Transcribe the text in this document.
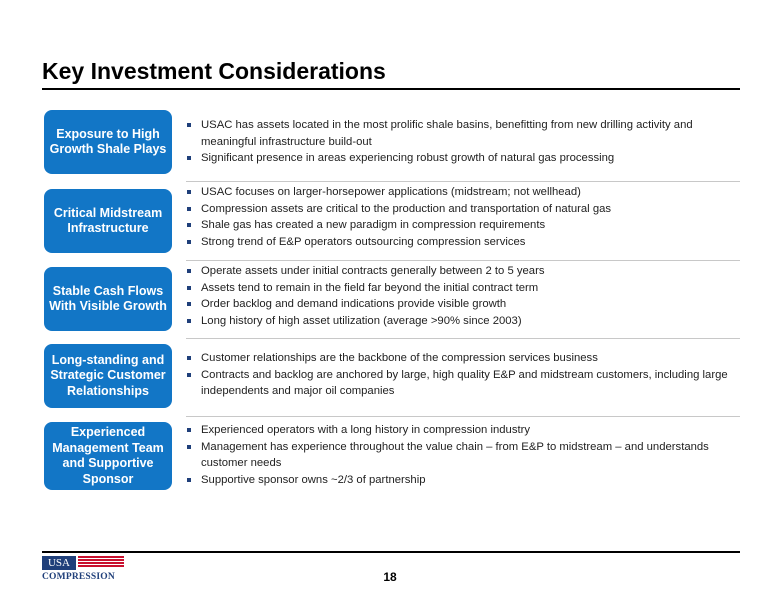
Key Investment Considerations
Exposure to High Growth Shale Plays
USAC has assets located in the most prolific shale basins, benefitting from new drilling activity and meaningful infrastructure build-out
Significant presence in areas experiencing robust growth of natural gas processing
Critical Midstream Infrastructure
USAC focuses on larger-horsepower applications (midstream; not wellhead)
Compression assets are critical to the production and transportation of natural gas
Shale gas has created a new paradigm in compression requirements
Strong trend of E&P operators outsourcing compression services
Stable Cash Flows With Visible Growth
Operate assets under initial contracts generally between 2 to 5 years
Assets tend to remain in the field far beyond the initial contract term
Order backlog and demand indications provide visible growth
Long history of high asset utilization (average >90% since 2003)
Long-standing and Strategic Customer Relationships
Customer relationships are the backbone of the compression services business
Contracts and backlog are anchored by large, high quality E&P and midstream customers, including large independents and major oil companies
Experienced Management Team and Supportive Sponsor
Experienced operators with a long history in compression industry
Management has experience throughout the value chain – from E&P to midstream – and understands customer needs
Supportive sponsor owns ~2/3 of partnership
USA
COMPRESSION	18
